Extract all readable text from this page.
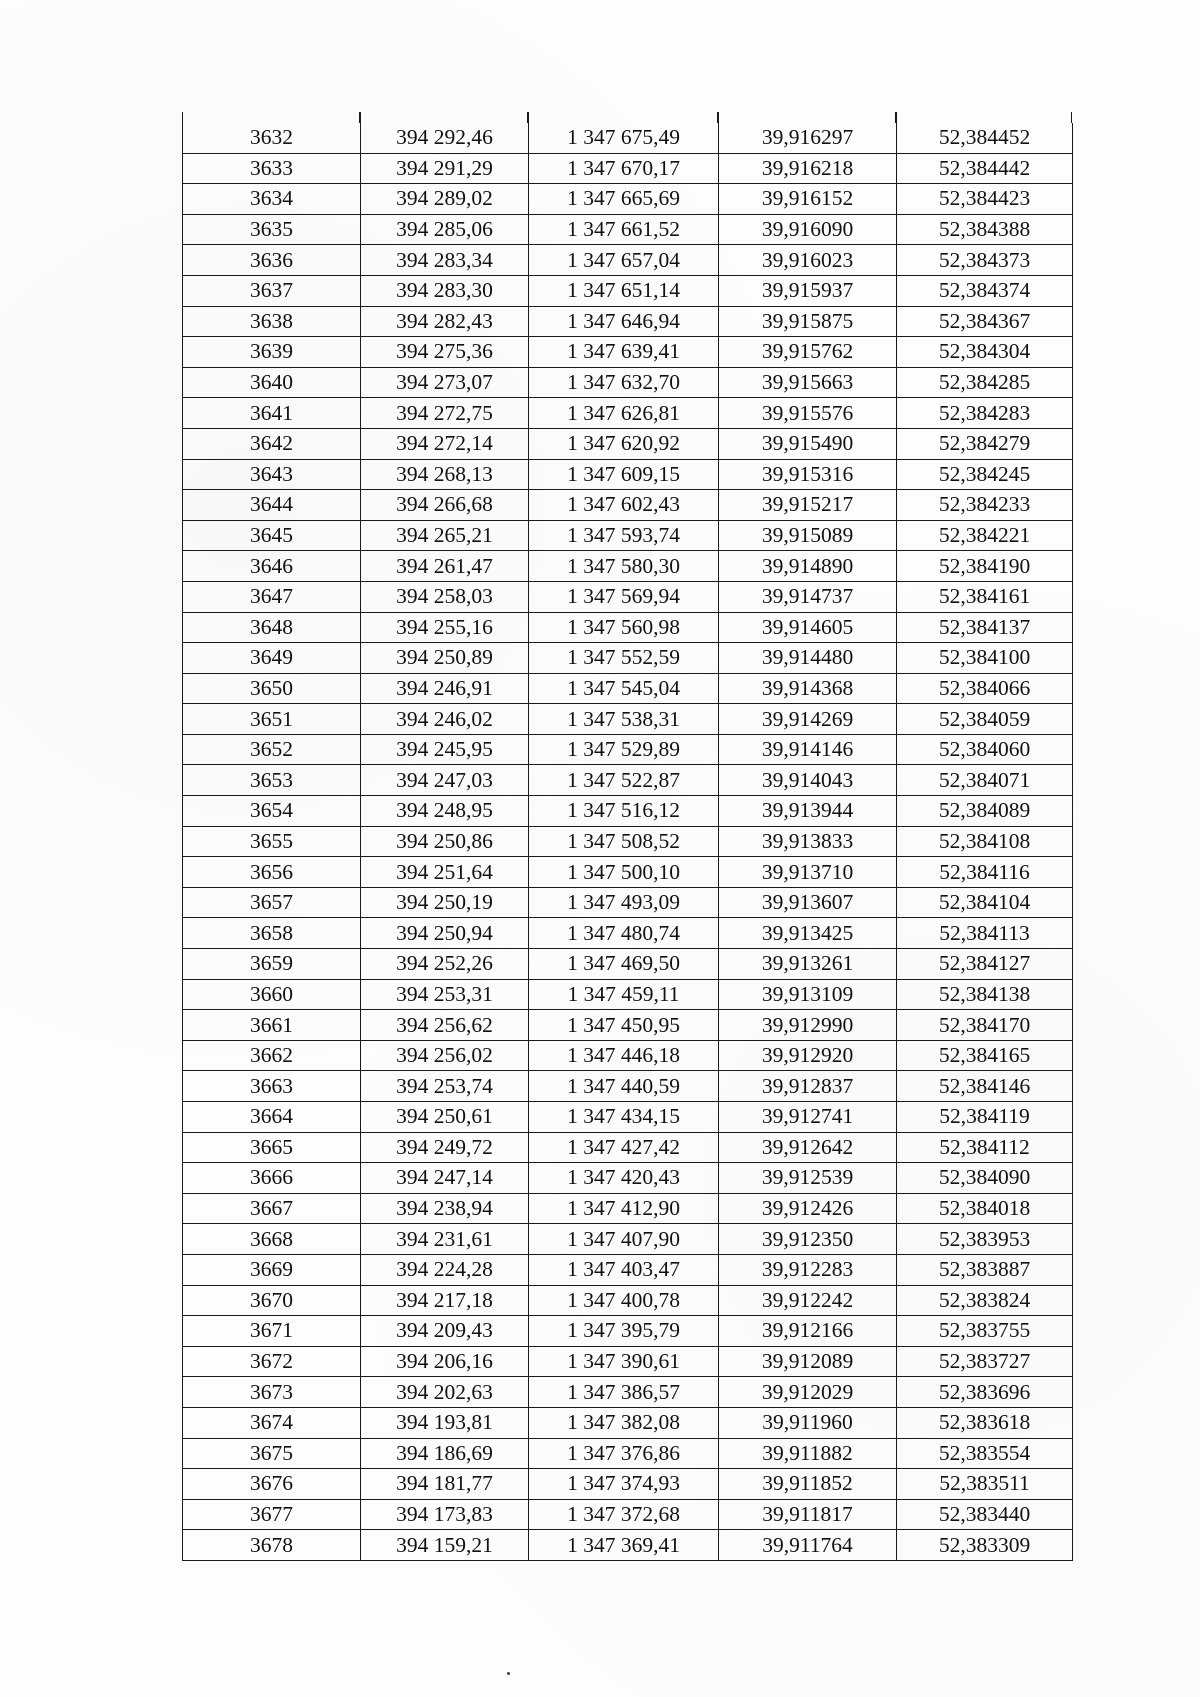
3632	394 292,46	1 347 675,49	39,916297	52,384452
3633	394 291,29	1 347 670,17	39,916218	52,384442
3634	394 289,02	1 347 665,69	39,916152	52,384423
3635	394 285,06	1 347 661,52	39,916090	52,384388
3636	394 283,34	1 347 657,04	39,916023	52,384373
3637	394 283,30	1 347 651,14	39,915937	52,384374
3638	394 282,43	1 347 646,94	39,915875	52,384367
3639	394 275,36	1 347 639,41	39,915762	52,384304
3640	394 273,07	1 347 632,70	39,915663	52,384285
3641	394 272,75	1 347 626,81	39,915576	52,384283
3642	394 272,14	1 347 620,92	39,915490	52,384279
3643	394 268,13	1 347 609,15	39,915316	52,384245
3644	394 266,68	1 347 602,43	39,915217	52,384233
3645	394 265,21	1 347 593,74	39,915089	52,384221
3646	394 261,47	1 347 580,30	39,914890	52,384190
3647	394 258,03	1 347 569,94	39,914737	52,384161
3648	394 255,16	1 347 560,98	39,914605	52,384137
3649	394 250,89	1 347 552,59	39,914480	52,384100
3650	394 246,91	1 347 545,04	39,914368	52,384066
3651	394 246,02	1 347 538,31	39,914269	52,384059
3652	394 245,95	1 347 529,89	39,914146	52,384060
3653	394 247,03	1 347 522,87	39,914043	52,384071
3654	394 248,95	1 347 516,12	39,913944	52,384089
3655	394 250,86	1 347 508,52	39,913833	52,384108
3656	394 251,64	1 347 500,10	39,913710	52,384116
3657	394 250,19	1 347 493,09	39,913607	52,384104
3658	394 250,94	1 347 480,74	39,913425	52,384113
3659	394 252,26	1 347 469,50	39,913261	52,384127
3660	394 253,31	1 347 459,11	39,913109	52,384138
3661	394 256,62	1 347 450,95	39,912990	52,384170
3662	394 256,02	1 347 446,18	39,912920	52,384165
3663	394 253,74	1 347 440,59	39,912837	52,384146
3664	394 250,61	1 347 434,15	39,912741	52,384119
3665	394 249,72	1 347 427,42	39,912642	52,384112
3666	394 247,14	1 347 420,43	39,912539	52,384090
3667	394 238,94	1 347 412,90	39,912426	52,384018
3668	394 231,61	1 347 407,90	39,912350	52,383953
3669	394 224,28	1 347 403,47	39,912283	52,383887
3670	394 217,18	1 347 400,78	39,912242	52,383824
3671	394 209,43	1 347 395,79	39,912166	52,383755
3672	394 206,16	1 347 390,61	39,912089	52,383727
3673	394 202,63	1 347 386,57	39,912029	52,383696
3674	394 193,81	1 347 382,08	39,911960	52,383618
3675	394 186,69	1 347 376,86	39,911882	52,383554
3676	394 181,77	1 347 374,93	39,911852	52,383511
3677	394 173,83	1 347 372,68	39,911817	52,383440
3678	394 159,21	1 347 369,41	39,911764	52,383309
